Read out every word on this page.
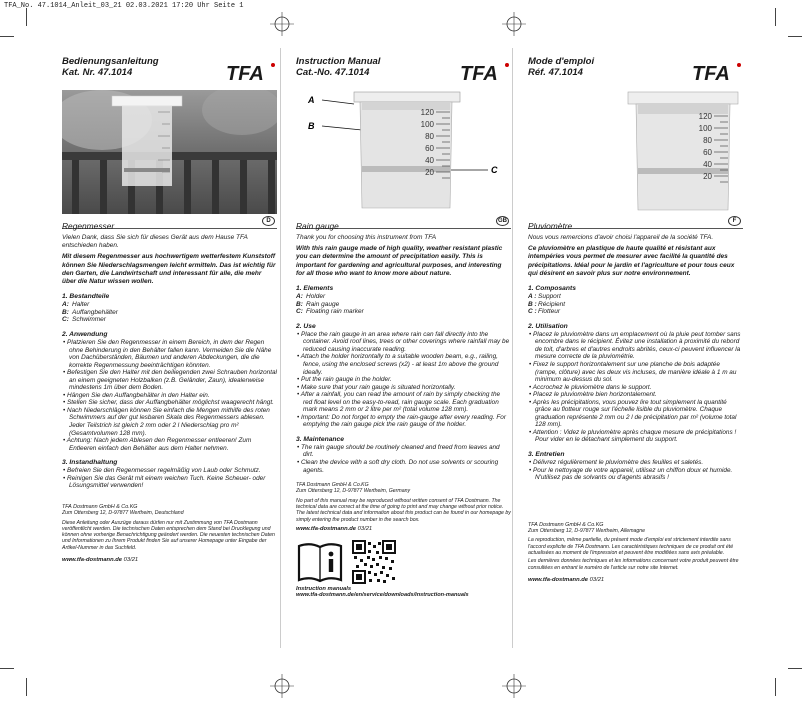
TFA_No. 47.1014_Anleit_03_21 02.03.2021 17:20 Uhr Seite 1
Bedienungsanleitung
Kat. Nr. 47.1014	TFA
Regenmesser	D
Vielen Dank, dass Sie sich für dieses Gerät aus dem Hause TFA entschieden haben.
Mit diesem Regenmesser aus hochwertigem wetterfestem Kunststoff können Sie Niederschlagsmengen leicht ermitteln. Das ist wichtig für den Garten, die Landwirtschaft und interessant für alle, die mehr über die Natur wissen wollen.
1. Bestandteile
A: Halter
B: Auffangbehälter
C: Schwimmer
2. Anwendung
• Platzieren Sie den Regenmesser in einem Bereich, in dem der Regen ohne Behinderung in den Behälter fallen kann. Vermeiden Sie die Nähe von Dachüberständen, Bäumen und anderen Abdeckungen, die die korrekte Regenmessung beeinträchtigen könnten.
• Befestigen Sie den Halter mit den beiliegenden zwei Schrauben horizontal an einem geeigneten Holzbalken (z.B. Geländer, Zaun), idealerweise mindestens 1m über dem Boden.
• Hängen Sie den Auffangbehälter in den Halter ein.
• Stellen Sie sicher, dass der Auffangbehälter möglichst waagerecht hängt.
• Nach Niederschlägen können Sie einfach die Mengen mithilfe des roten Schwimmers auf der gut lesbaren Skala des Regenmessers ablesen. Jeder Teilstrich ist gleich 2 mm oder 2 l Niederschlag pro m² (Gesamtvolumen 128 mm).
• Achtung: Nach jedem Ablesen den Regenmesser entleeren! Zum Entleeren einfach den Behälter aus dem Halter nehmen.
3. Instandhaltung
• Befreien Sie den Regenmesser regelmäßig von Laub oder Schmutz.
• Reinigen Sie das Gerät mit einem weichen Tuch. Keine Scheuer- oder Lösungsmittel verwenden!
TFA Dostmann GmbH & Co.KG
Zum Ottersberg 12, D-97877 Wertheim, Deutschland
Diese Anleitung oder Auszüge daraus dürfen nur mit Zustimmung von TFA Dostmann veröffentlicht werden. Die technischen Daten entsprechen dem Stand bei Drucklegung und können ohne vorherige Benachrichtigung geändert werden. Die neuesten technischen Daten und Informationen zu Ihrem Produkt finden Sie auf unserer Homepage unter Eingabe der Artikel-Nummer in das Suchfeld.
www.tfa-dostmann.de 03/21
Instruction Manual
Cat.-No. 47.1014	TFA
A
B
C
120
100
80
60
40
20
Rain gauge	GB
Thank you for choosing this instrument from TFA
With this rain gauge made of high quality, weather resistant plastic you can determine the amount of precipitation easily. This is important for gardening and agricultural purposes, and interesting for all those who want to know more about nature.
1. Elements
A: Holder
B: Rain gauge
C: Floating rain marker
2. Use
• Place the rain gauge in an area where rain can fall directly into the container. Avoid roof lines, trees or other coverings where rainfall may be reduced causing inaccurate reading.
• Attach the holder horizontally to a suitable wooden beam, e.g., railing, fence, using the enclosed screws (x2) - at least 1m above the ground ideally.
• Put the rain gauge in the holder.
• Make sure that your rain gauge is situated horizontally.
• After a rainfall, you can read the amount of rain by simply checking the red float level on the easy-to-read, rain gauge scale. Each graduation mark means 2 mm or 2 litre per m² (total volume 128 mm).
• Important: Do not forget to empty the rain-gauge after every reading. For emptying the rain gauge pick the rain gauge of the holder.
3. Maintenance
• The rain gauge should be routinely cleaned and freed from leaves and dirt.
• Clean the device with a soft dry cloth. Do not use solvents or scouring agents.
TFA Dostmann GmbH & Co.KG
Zum Ottersberg 12, D-97877 Wertheim, Germany
No part of this manual may be reproduced without written consent of TFA Dostmann. The technical data are correct at the time of going to print and may change without prior notice. The latest technical data and information about this product can be found in our homepage by simply entering the product number in the search box.
www.tfa-dostmann.de 03/21
Instruction manuals
www.tfa-dostmann.de/en/service/downloads/instruction-manuals
Mode d'emploi
Réf. 47.1014	TFA
120
100
80
60
40
20
Pluviomètre	F
Nous vous remercions d'avoir choisi l'appareil de la société TFA.
Ce pluviomètre en plastique de haute qualité et résistant aux intempéries vous permet de mesurer avec facilité la quantité des précipitations. Idéal pour le jardin et l'agriculture et pour tous ceux qui désirent en savoir plus sur notre environnement.
1. Composants
A : Support
B :Récipient
C :Flotteur
2. Utilisation
• Placez le pluviomètre dans un emplacement où la pluie peut tomber sans encombre dans le récipient. Évitez une installation à proximité du rebord de toit, d'arbres et d'autres endroits abrités, ceux-ci peuvent influencer la mesure correcte de la pluviométrie.
• Fixez le support horizontalement sur une planche de bois adaptée (rampe, clôture) avec les deux vis incluses, de manière idéale à 1 m au minimum au-dessus du sol.
• Accrochez le pluviomètre dans le support.
• Placez le pluviomètre bien horizontalement.
• Après les précipitations, vous pouvez lire tout simplement la quantité grâce au flotteur rouge sur l'échelle lisible du pluviomètre. Chaque graduation représente 2 mm ou 2 l de précipitation par m² (volume total 128 mm).
• Attention : Videz le pluviomètre après chaque mesure de précipitations ! Pour vider en le détachant simplement du support.
3. Entretien
• Délivrez régulièrement le pluviomètre des feuilles et saletés.
• Pour le nettoyage de votre appareil, utilisez un chiffon doux et humide. N'utilisez pas de solvants ou d'agents abrasifs !
TFA Dostmann GmbH & Co.KG
Zum Ottersberg 12, D-97877 Wertheim, Allemagne
La reproduction, même partielle, du présent mode d'emploi est strictement interdite sans l'accord explicite de TFA Dostmann. Les caractéristiques techniques de ce produit ont été actualisées au moment de l'impression et peuvent être modifiées sans avis préalable.
Les dernières données techniques et les informations concernant votre produit peuvent être consultées en entrant le numéro de l'article sur notre site Internet.
www.tfa-dostmann.de 03/21
